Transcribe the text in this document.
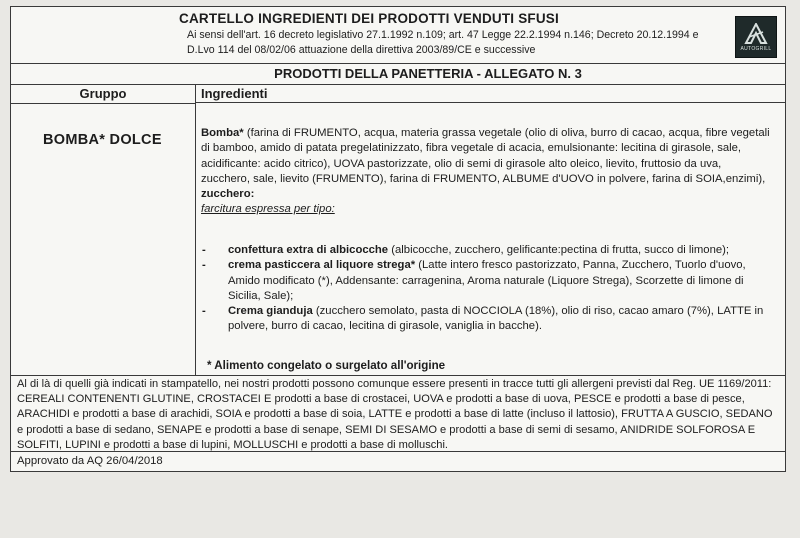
CARTELLO INGREDIENTI DEI PRODOTTI VENDUTI SFUSI
Ai sensi dell'art. 16 decreto legislativo 27.1.1992 n.109; art. 47 Legge 22.2.1994 n.146; Decreto 20.12.1994 e
D.Lvo 114 del 08/02/06 attuazione della direttiva 2003/89/CE e successive	AUTOGRILL
PRODOTTI DELLA PANETTERIA - ALLEGATO N. 3
Gruppo	Ingredienti
BOMBA* DOLCE	Bomba* (farina di FRUMENTO, acqua, materia grassa vegetale (olio di oliva, burro di cacao, acqua, fibre vegetali di bamboo, amido di patata pregelatinizzato, fibra vegetale di acacia, emulsionante: lecitina di girasole, sale, acidificante: acido citrico), UOVA pastorizzate, olio di semi di girasole alto oleico, lievito, fruttosio da uva, zucchero, sale, lievito (FRUMENTO), farina di FRUMENTO, ALBUME d'UOVO in polvere, farina di SOIA,enzimi), zucchero:
farcitura espressa per tipo:
- confettura extra di albicocche (albicocche, zucchero, gelificante:pectina di frutta, succo di limone);
- crema pasticcera al liquore strega* (Latte intero fresco pastorizzato, Panna, Zucchero, Tuorlo d'uovo, Amido modificato (*), Addensante: carragenina, Aroma naturale (Liquore Strega), Scorzette di limone di Sicilia, Sale);
- Crema gianduja (zucchero semolato, pasta di NOCCIOLA (18%), olio di riso, cacao amaro (7%), LATTE in polvere, burro di cacao, lecitina di girasole, vaniglia in bacche).
* Alimento congelato o surgelato all'origine
Al di là di quelli già indicati in stampatello, nei nostri prodotti possono comunque essere presenti in tracce tutti gli allergeni previsti dal Reg. UE 1169/2011: CEREALI CONTENENTI GLUTINE, CROSTACEI E prodotti a base di crostacei, UOVA e prodotti a base di uova, PESCE e prodotti a base di pesce, ARACHIDI e prodotti a base di arachidi, SOIA e prodotti a base di soia, LATTE e prodotti a base di latte (incluso il lattosio), FRUTTA A GUSCIO, SEDANO e prodotti a base di sedano, SENAPE e prodotti a base di senape, SEMI DI SESAMO e prodotti a base di semi di sesamo, ANIDRIDE SOLFOROSA E SOLFITI, LUPINI e prodotti a base di lupini, MOLLUSCHI e prodotti a base di molluschi.
Approvato da AQ 26/04/2018
